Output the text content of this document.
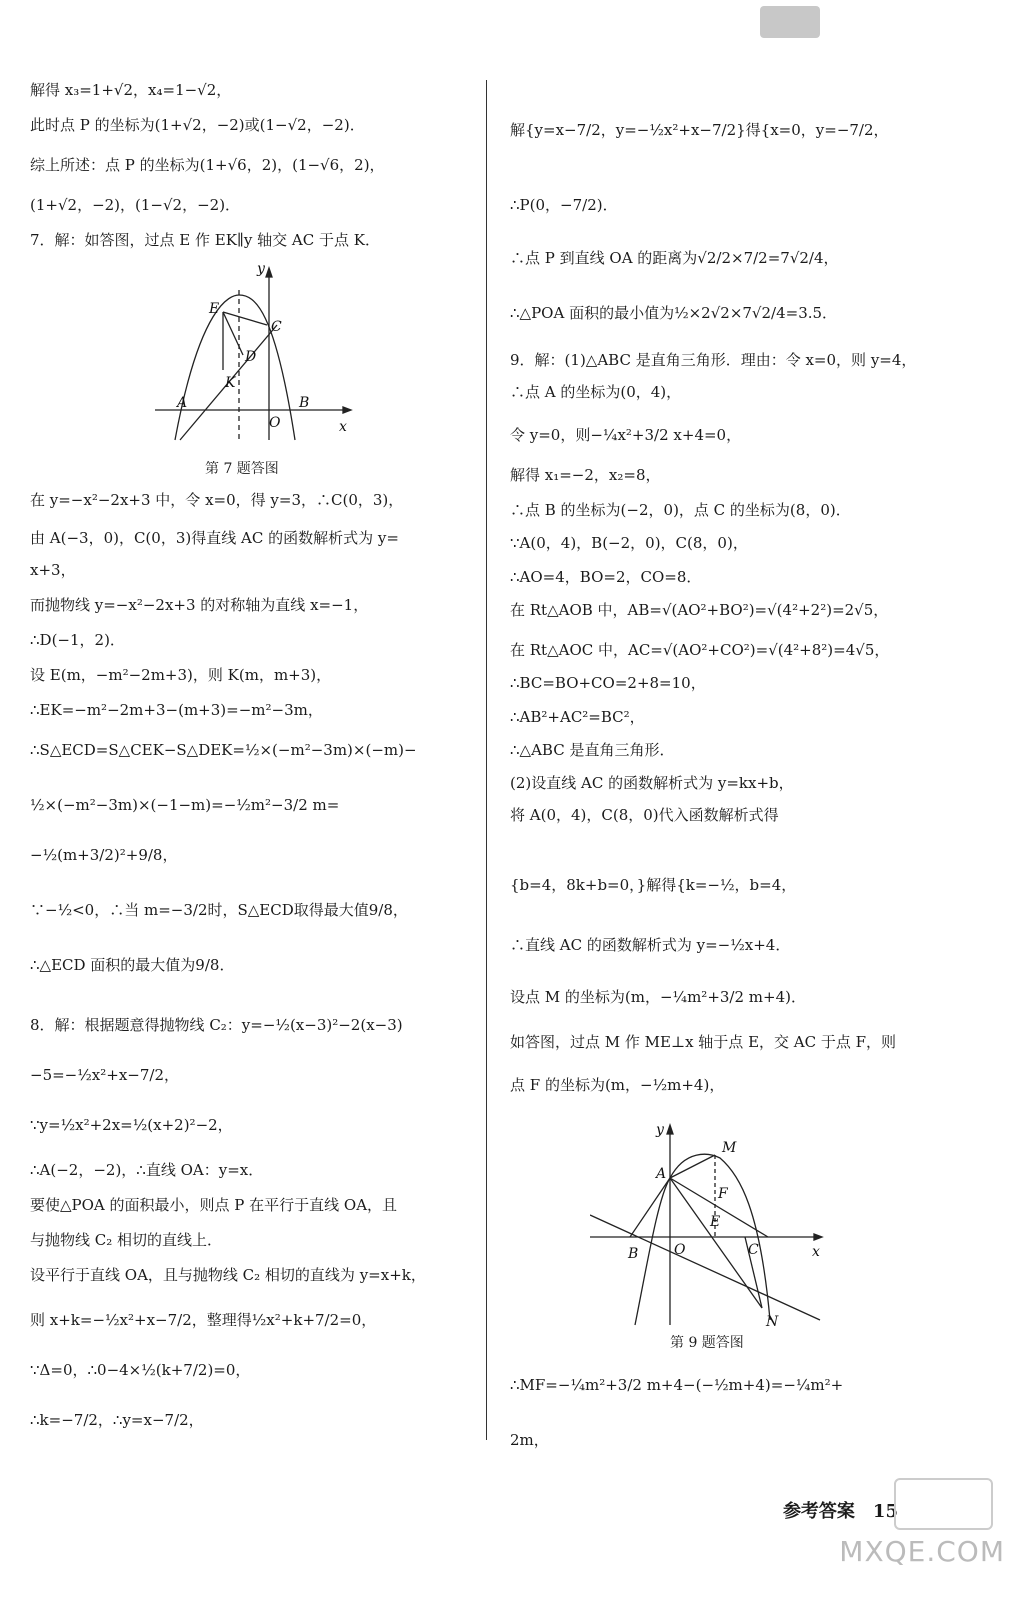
解得 x₃=1+√2，x₄=1−√2，
此时点 P 的坐标为(1+√2，−2)或(1−√2，−2)．
综上所述：点 P 的坐标为(1+√6，2)，(1−√6，2)，
(1+√2，−2)，(1−√2，−2)．
7．解：如答图，过点 E 作 EK∥y 轴交 AC 于点 K．
y
x
E
C
D
K
A
O
B
第 7 题答图
在 y=−x²−2x+3 中，令 x=0，得 y=3，∴C(0，3)，
由 A(−3，0)，C(0，3)得直线 AC 的函数解析式为 y=
x+3，
而抛物线 y=−x²−2x+3 的对称轴为直线 x=−1，
∴D(−1，2)．
设 E(m，−m²−2m+3)，则 K(m，m+3)，
∴EK=−m²−2m+3−(m+3)=−m²−3m，
∴S△ECD=S△CEK−S△DEK=½×(−m²−3m)×(−m)−
½×(−m²−3m)×(−1−m)=−½m²−3/2 m=
−½(m+3/2)²+9/8，
∵−½<0，∴当 m=−3/2时，S△ECD取得最大值9/8，
∴△ECD 面积的最大值为9/8．
8．解：根据题意得抛物线 C₂：y=−½(x−3)²−2(x−3)
−5=−½x²+x−7/2，
∵y=½x²+2x=½(x+2)²−2，
∴A(−2，−2)，∴直线 OA：y=x．
要使△POA 的面积最小，则点 P 在平行于直线 OA，且
与抛物线 C₂ 相切的直线上．
设平行于直线 OA，且与抛物线 C₂ 相切的直线为 y=x+k，
则 x+k=−½x²+x−7/2，整理得½x²+k+7/2=0，
∵Δ=0，∴0−4×½(k+7/2)=0，
∴k=−7/2，∴y=x−7/2，
解{y=x−7/2，y=−½x²+x−7/2}得{x=0，y=−7/2，
∴P(0，−7/2)．
∴点 P 到直线 OA 的距离为√2/2×7/2=7√2/4，
∴△POA 面积的最小值为½×2√2×7√2/4=3.5．
9．解：(1)△ABC 是直角三角形．理由：令 x=0，则 y=4，
∴点 A 的坐标为(0，4)，
令 y=0，则−¼x²+3/2 x+4=0，
解得 x₁=−2，x₂=8，
∴点 B 的坐标为(−2，0)，点 C 的坐标为(8，0)．
∵A(0，4)，B(−2，0)，C(8，0)，
∴AO=4，BO=2，CO=8．
在 Rt△AOB 中，AB=√(AO²+BO²)=√(4²+2²)=2√5，
在 Rt△AOC 中，AC=√(AO²+CO²)=√(4²+8²)=4√5，
∴BC=BO+CO=2+8=10，
∴AB²+AC²=BC²，
∴△ABC 是直角三角形．
(2)设直线 AC 的函数解析式为 y=kx+b，
将 A(0，4)，C(8，0)代入函数解析式得
{b=4，8k+b=0，}解得{k=−½，b=4，
∴直线 AC 的函数解析式为 y=−½x+4．
设点 M 的坐标为(m，−¼m²+3/2 m+4)．
如答图，过点 M 作 ME⊥x 轴于点 E，交 AC 于点 F，则
点 F 的坐标为(m，−½m+4)，
y
x
M
A
F
E
B	O	C
N
第 9 题答图
∴MF=−¼m²+3/2 m+4−(−½m+4)=−¼m²+
2m，
参考答案　15
MXQE.COM
